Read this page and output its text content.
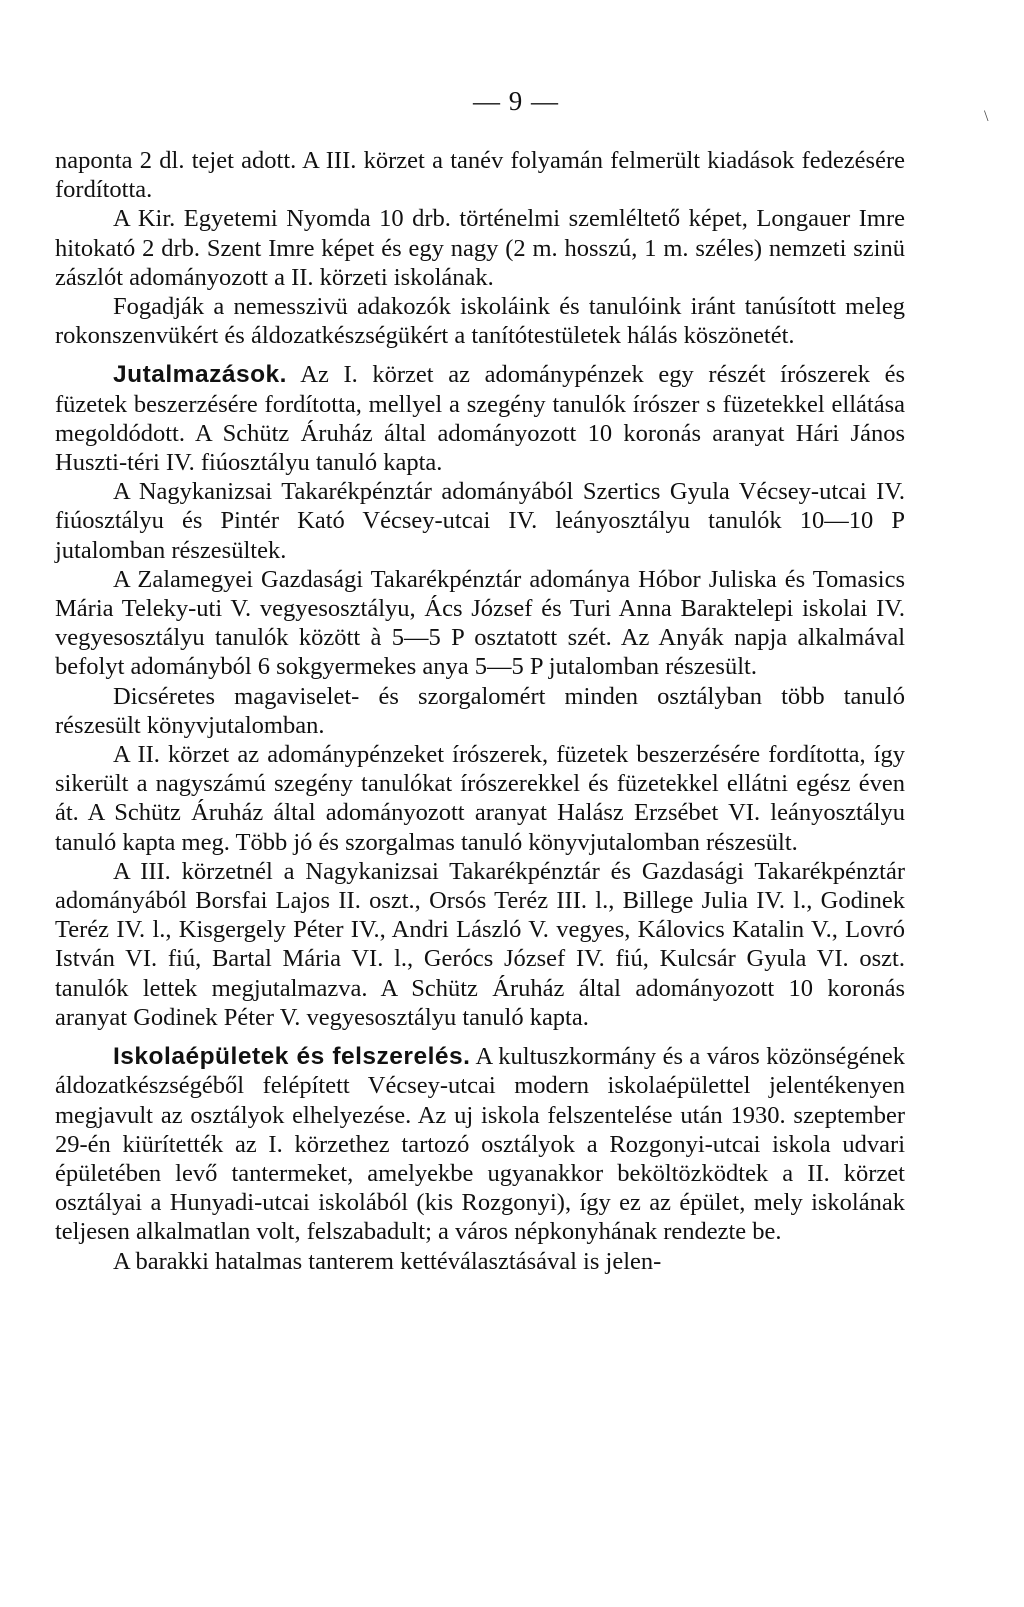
— 9 —
\

naponta 2 dl. tejet adott. A III. körzet a tanév folyamán felmerült kiadások fedezésére fordította.

A Kir. Egyetemi Nyomda 10 drb. történelmi szemléltető képet, Longauer Imre hitokató 2 drb. Szent Imre képet és egy nagy (2 m. hosszú, 1 m. széles) nemzeti szinü zászlót adományozott a II. körzeti iskolának.

Fogadják a nemesszivü adakozók iskoláink és tanulóink iránt tanúsított meleg rokonszenvükért és áldozatkészségükért a tanítótestületek hálás köszönetét.

Jutalmazások. Az I. körzet az adománypénzek egy részét írószerek és füzetek beszerzésére fordította, mellyel a szegény tanulók írószer s füzetekkel ellátása megoldódott. A Schütz Áruház által adományozott 10 koronás aranyat Hári János Huszti-téri IV. fiúosztályu tanuló kapta.

A Nagykanizsai Takarékpénztár adományából Szertics Gyula Vécsey-utcai IV. fiúosztályu és Pintér Kató Vécsey-utcai IV. leányosztályu tanulók 10—10 P jutalomban részesültek.

A Zalamegyei Gazdasági Takarékpénztár adománya Hóbor Juliska és Tomasics Mária Teleky-uti V. vegyesosztályu, Ács József és Turi Anna Baraktelepi iskolai IV. vegyesosztályu tanulók között à 5—5 P osztatott szét. Az Anyák napja alkalmával befolyt adományból 6 sokgyermekes anya 5—5 P jutalomban részesült.

Dicséretes magaviselet- és szorgalomért minden osztályban több tanuló részesült könyvjutalomban.

A II. körzet az adománypénzeket írószerek, füzetek beszerzésére fordította, így sikerült a nagyszámú szegény tanulókat írószerekkel és füzetekkel ellátni egész éven át. A Schütz Áruház által adományozott aranyat Halász Erzsébet VI. leányosztályu tanuló kapta meg. Több jó és szorgalmas tanuló könyvjutalomban részesült.

A III. körzetnél a Nagykanizsai Takarékpénztár és Gazdasági Takarékpénztár adományából Borsfai Lajos II. oszt., Orsós Teréz III. l., Billege Julia IV. l., Godinek Teréz IV. l., Kisgergely Péter IV., Andri László V. vegyes, Kálovics Katalin V., Lovró István VI. fiú, Bartal Mária VI. l., Gerócs József IV. fiú, Kulcsár Gyula VI. oszt. tanulók lettek megjutalmazva. A Schütz Áruház által adományozott 10 koronás aranyat Godinek Péter V. vegyesosztályu tanuló kapta.

Iskolaépületek és felszerelés. A kultuszkormány és a város közönségének áldozatkészségéből felépített Vécsey-utcai modern iskolaépülettel jelentékenyen megjavult az osztályok elhelyezése. Az uj iskola felszentelése után 1930. szeptember 29-én kiürítették az I. körzethez tartozó osztályok a Rozgonyi-utcai iskola udvari épületében levő tantermeket, amelyekbe ugyanakkor beköltözködtek a II. körzet osztályai a Hunyadi-utcai iskolából (kis Rozgonyi), így ez az épület, mely iskolának teljesen alkalmatlan volt, felszabadult; a város népkonyhának rendezte be.

A barakki hatalmas tanterem kettéválasztásával is jelen-
